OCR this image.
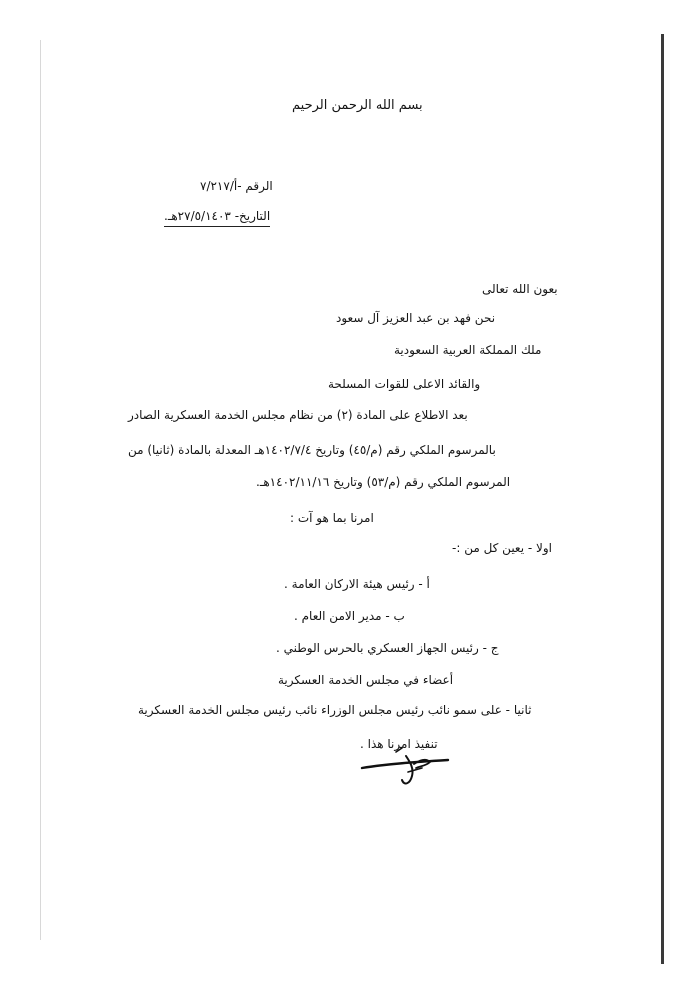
بسم الله الرحمن الرحيم
الرقم -أ/٧/٢١٧
التاريخ- ٢٧/٥/١٤٠٣هـ.
بعون الله تعالى
نحن فهد بن عبد العزيز آل سعود
ملك المملكة العربية السعودية
والقائد الاعلى للقوات المسلحة
بعد الاطلاع على المادة (٢) من نظام مجلس الخدمة العسكرية الصادر
بالمرسوم الملكي رقم (م/٤٥) وتاريخ ١٤٠٢/٧/٤هـ المعدلة بالمادة (ثانيا) من
المرسوم الملكي رقم (م/٥٣) وتاريخ ١٤٠٢/١١/١٦هـ.
امرنا بما هو آت :
اولا - يعين كل من :-
أ - رئيس هيئة الاركان العامة .
ب - مدير الامن العام .
ج - رئيس الجهاز العسكري بالحرس الوطني .
أعضاء في مجلس الخدمة العسكرية
ثانيا - على سمو نائب رئيس مجلس الوزراء نائب رئيس مجلس الخدمة العسكرية
تنفيذ امرنا هذا .
